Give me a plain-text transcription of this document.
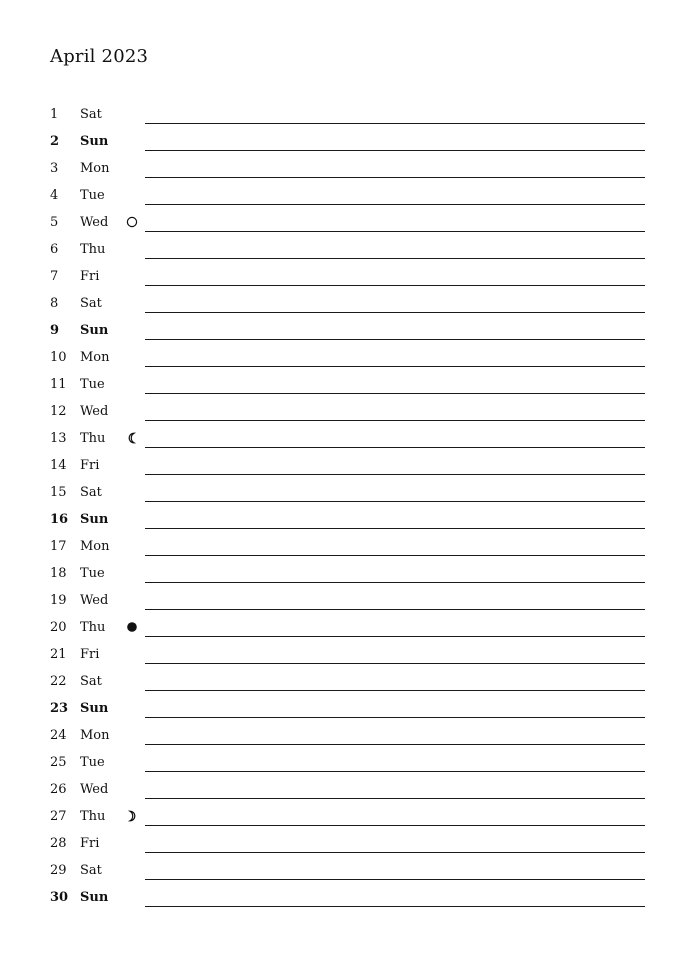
April 2023
1 Sat
2 Sun
3 Mon
4 Tue
5 Wed
6 Thu
7 Fri
8 Sat
9 Sun
10 Mon
11 Tue
12 Wed
13 Thu
14 Fri
15 Sat
16 Sun
17 Mon
18 Tue
19 Wed
20 Thu
21 Fri
22 Sat
23 Sun
24 Mon
25 Tue
26 Wed
27 Thu
28 Fri
29 Sat
30 Sun
